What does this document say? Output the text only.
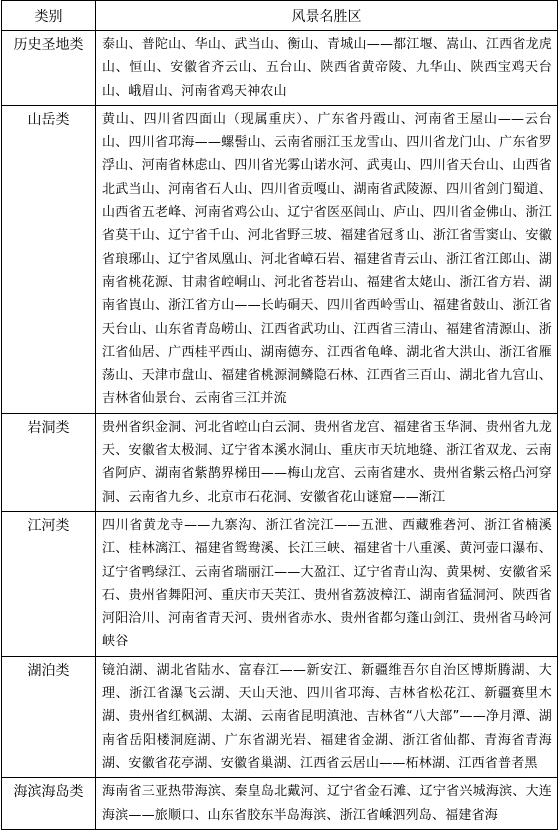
类别	风景名胜区

历史圣地类	泰山、普陀山、华山、武当山、衡山、青城山——都江堰、嵩山、江西省龙虎山、恒山、安徽省齐云山、五台山、陕西省黄帝陵、九华山、陕西宝鸡天台山、峨眉山、河南省鸡天神农山

山岳类	黄山、四川省四面山（现属重庆）、广东省丹霞山、河南省王屋山——云台山、四川省邛海——螺髻山、云南省丽江玉龙雪山、四川省龙门山、广东省罗浮山、河南省林虑山、四川省光雾山诺水河、武夷山、四川省天台山、山西省北武当山、河南省石人山、四川省贡嘎山、湖南省武陵源、四川省剑门蜀道、山西省五老峰、河南省鸡公山、辽宁省医巫闾山、庐山、四川省金佛山、浙江省莫干山、辽宁省千山、河北省野三坡、福建省冠豸山、浙江省雪窦山、安徽省琅琊山、辽宁省凤凰山、河北省嶂石岩、福建省青云山、浙江省江郎山、湖南省桃花源、甘肃省崆峒山、河北省苍岩山、福建省太姥山、浙江省方岩、湖南省崀山、浙江省方山——长屿硐天、四川省西岭雪山、福建省鼓山、浙江省天台山、山东省青岛崂山、江西省武功山、江西省三清山、福建省清源山、浙江省仙居、广西桂平西山、湖南德夯、江西省龟峰、湖北省大洪山、浙江省雁荡山、天津市盘山、福建省桃源洞鳞隐石林、江西省三百山、湖北省九宫山、吉林省仙景台、云南省三江并流

岩洞类	贵州省织金洞、河北省崆山白云洞、贵州省龙宫、福建省玉华洞、贵州省九龙天、安徽省太极洞、辽宁省本溪水洞山、重庆市天坑地缝、浙江省双龙、云南省阿庐、湖南省紫鹊界梯田——梅山龙宫、云南省建水、贵州省紫云格凸河穿洞、云南省九乡、北京市石花洞、安徽省花山谜窟——渐江

江河类	四川省黄龙寺——九寨沟、浙江省浣江——五泄、西藏雅砻河、浙江省楠溪江、桂林漓江、福建省鸳鸯溪、长江三峡、福建省十八重溪、黄河壶口瀑布、辽宁省鸭绿江、云南省瑞丽江——大盈江、辽宁省青山沟、黄果树、安徽省采石、贵州省舞阳河、重庆市天芙江、贵州省荔波樟江、湖南省猛洞河、陕西省河阳洽川、河南省青天河、贵州省赤水、贵州省都匀蓬山剑江、贵州省马岭河峡谷

湖泊类	镜泊湖、湖北省陆水、富春江——新安江、新疆维吾尔自治区博斯腾湖、大理、浙江省瀑飞云湖、天山天池、四川省邛海、吉林省松花江、新疆赛里木湖、贵州省红枫湖、太湖、云南省昆明滇池、吉林省“八大部”——净月潭、湖南省岳阳楼洞庭湖、广东省湖光岩、福建省金湖、浙江省仙都、青海省青海湖、安徽省花亭湖、安徽省巢湖、江西省云居山——柘林湖、江西省普者黑

海滨海岛类	海南省三亚热带海滨、秦皇岛北戴河、辽宁省金石滩、辽宁省兴城海滨、大连海滨——旅顺口、山东省胶东半岛海滨、浙江省嵊泗列岛、福建省海
